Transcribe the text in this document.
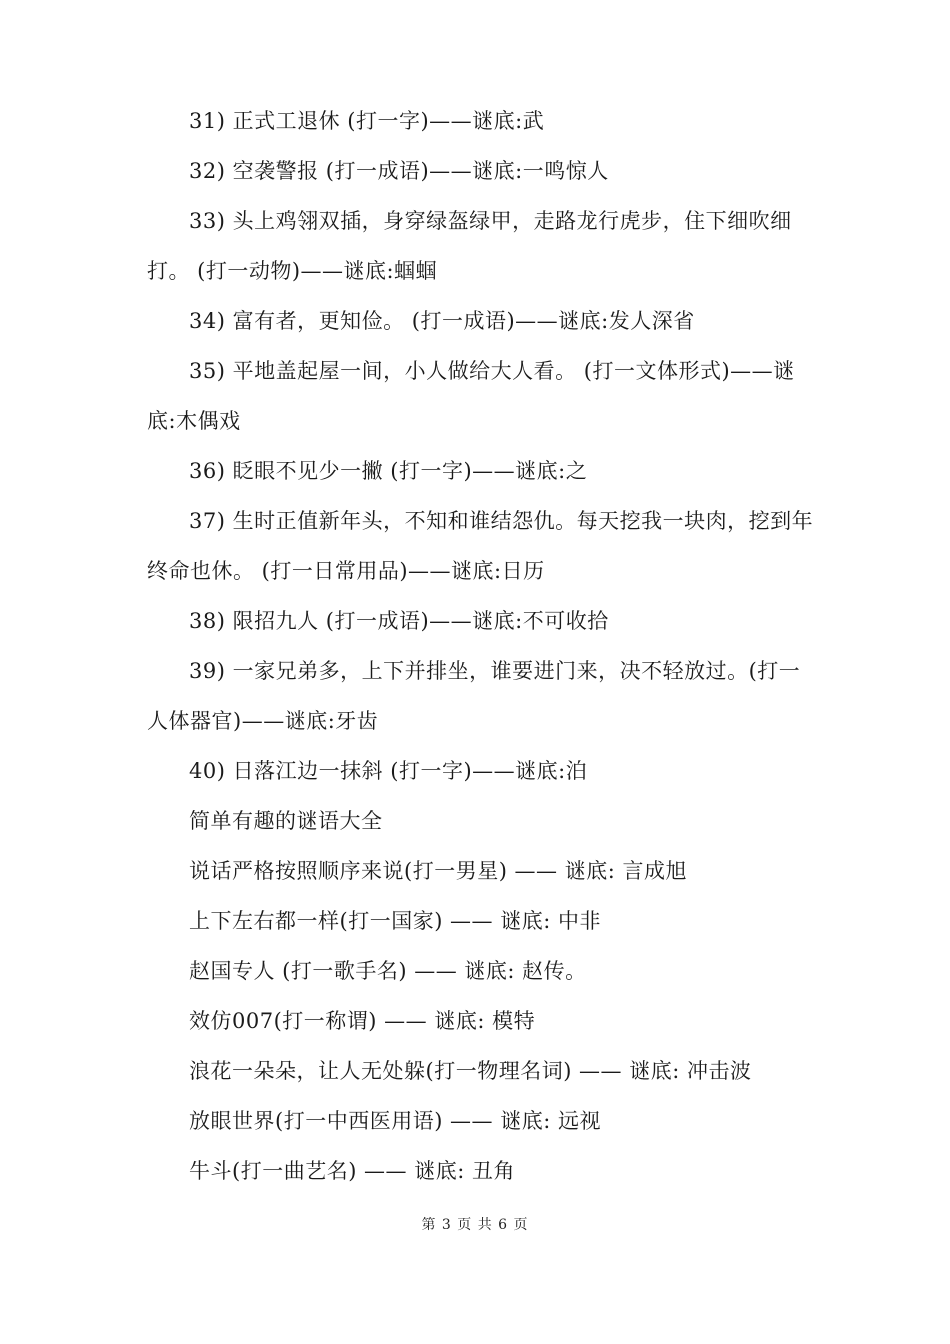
31) 正式工退休 (打一字)——谜底:武

32) 空袭警报 (打一成语)——谜底:一鸣惊人

33) 头上鸡翎双插，身穿绿盔绿甲，走路龙行虎步，住下细吹细打。 (打一动物)——谜底:蝈蝈

34) 富有者，更知俭。 (打一成语)——谜底:发人深省

35) 平地盖起屋一间，小人做给大人看。 (打一文体形式)——谜底:木偶戏

36) 眨眼不见少一撇 (打一字)——谜底:之

37) 生时正值新年头，不知和谁结怨仇。每天挖我一块肉，挖到年终命也休。 (打一日常用品)——谜底:日历

38) 限招九人 (打一成语)——谜底:不可收拾

39) 一家兄弟多，上下并排坐，谁要进门来，决不轻放过。(打一人体器官)——谜底:牙齿

40) 日落江边一抹斜 (打一字)——谜底:泊

简单有趣的谜语大全

说话严格按照顺序来说(打一男星) —— 谜底: 言成旭

上下左右都一样(打一国家) —— 谜底: 中非

赵国专人 (打一歌手名) —— 谜底: 赵传。

效仿007(打一称谓) —— 谜底: 模特

浪花一朵朵，让人无处躲(打一物理名词) —— 谜底: 冲击波

放眼世界(打一中西医用语) —— 谜底: 远视

牛斗(打一曲艺名) —— 谜底: 丑角

第 3 页 共 6 页
